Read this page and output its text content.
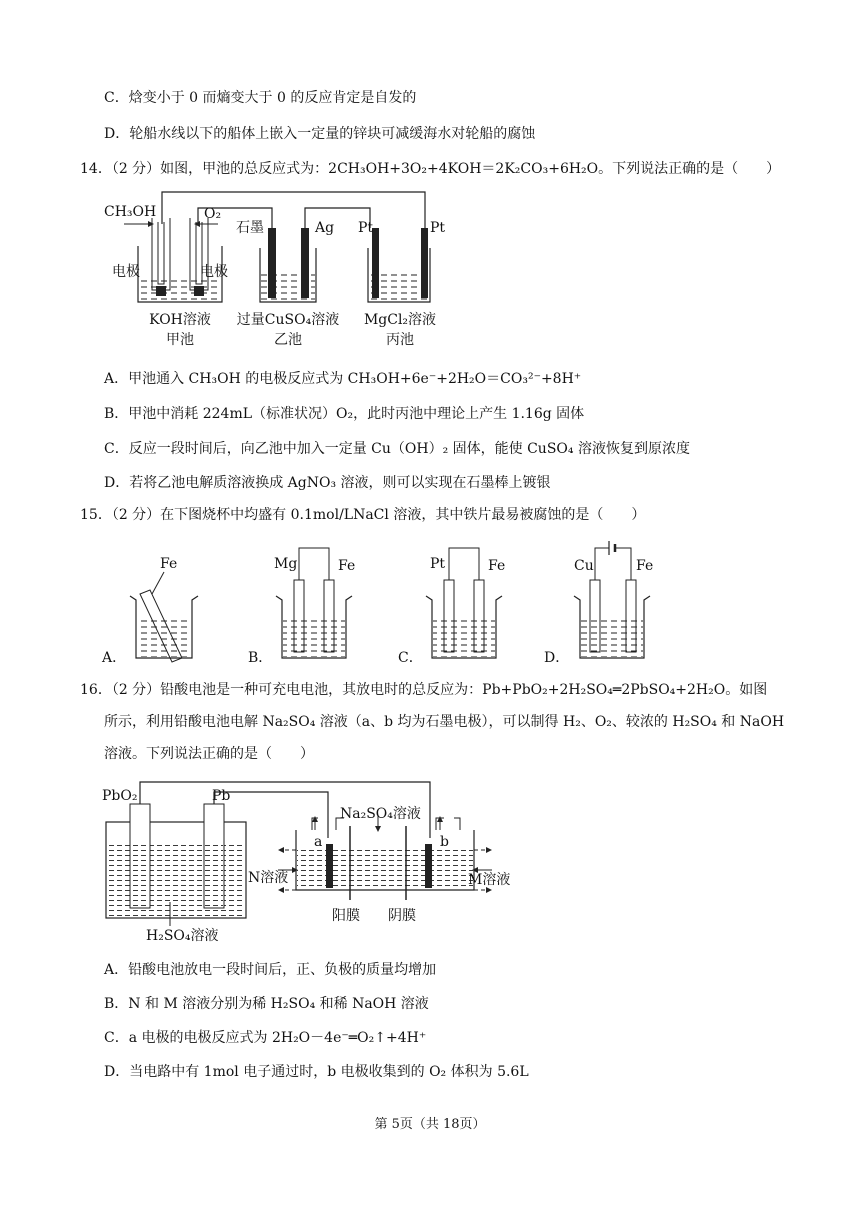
C．焓变小于 0 而熵变大于 0 的反应肯定是自发的
D．轮船水线以下的船体上嵌入一定量的锌块可减缓海水对轮船的腐蚀
14．（2 分）如图，甲池的总反应式为：2CH₃OH+3O₂+4KOH＝2K₂CO₃+6H₂O。下列说法正确的是（　　）
CH₃OH	O₂
电极	电极
KOH溶液
甲池
石墨	Ag
过量CuSO₄溶液
乙池
Pt	Pt
MgCl₂溶液
丙池
A．甲池通入 CH₃OH 的电极反应式为 CH₃OH+6e⁻+2H₂O＝CO₃²⁻+8H⁺
B．甲池中消耗 224mL（标准状况）O₂，此时丙池中理论上产生 1.16g 固体
C．反应一段时间后，向乙池中加入一定量 Cu（OH）₂ 固体，能使 CuSO₄ 溶液恢复到原浓度
D．若将乙池电解质溶液换成 AgNO₃ 溶液，则可以实现在石墨棒上镀银
15．（2 分）在下图烧杯中均盛有 0.1mol/LNaCl 溶液，其中铁片最易被腐蚀的是（　　）
A．
Fe
B．
Mg	Fe
C．
Pt	Fe
D．
Cu	Fe
16．（2 分）铅酸电池是一种可充电电池，其放电时的总反应为：Pb+PbO₂+2H₂SO₄═2PbSO₄+2H₂O。如图
所示，利用铅酸电池电解 Na₂SO₄ 溶液（a、b 均为石墨电极），可以制得 H₂、O₂、较浓的 H₂SO₄ 和 NaOH
溶液。下列说法正确的是（　　）
PbO₂	Pb
H₂SO₄溶液
Na₂SO₄溶液
a	b
N溶液	M溶液
阳膜 阴膜
A．铅酸电池放电一段时间后，正、负极的质量均增加
B．N 和 M 溶液分别为稀 H₂SO₄ 和稀 NaOH 溶液
C．a 电极的电极反应式为 2H₂O－4e⁻═O₂↑+4H⁺
D．当电路中有 1mol 电子通过时，b 电极收集到的 O₂ 体积为 5.6L
第 5页（共 18页）
